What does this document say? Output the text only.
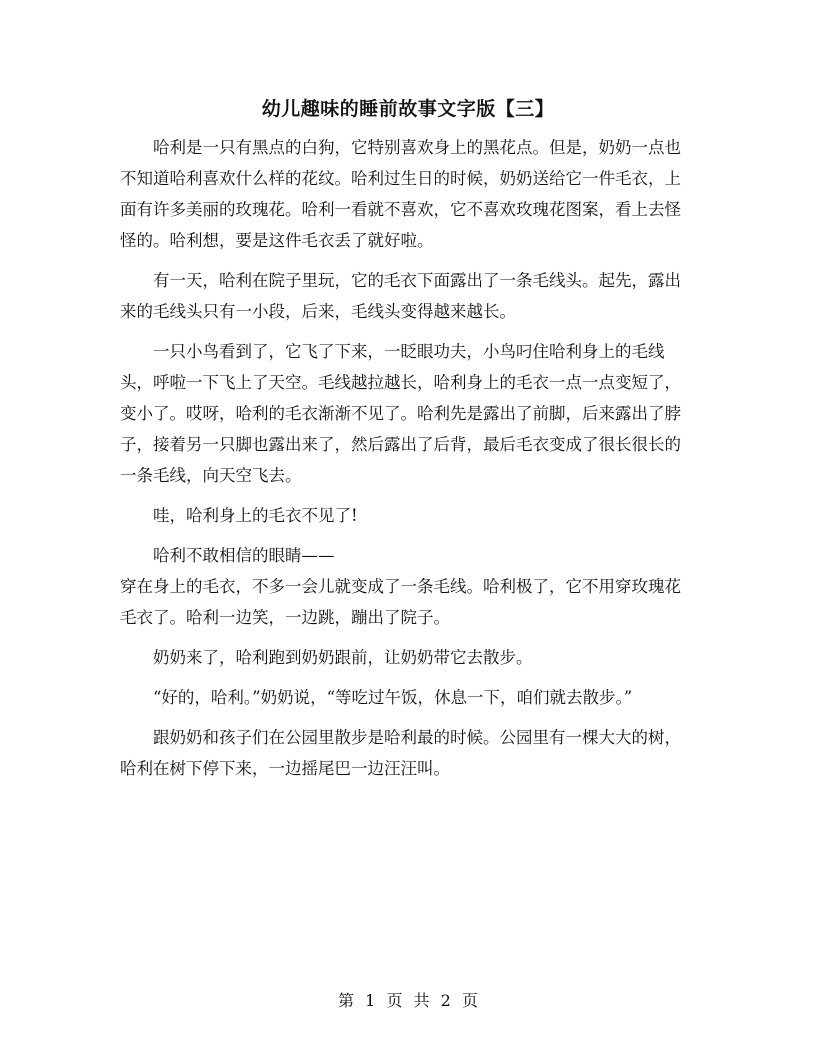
幼儿趣味的睡前故事文字版【三】

哈利是一只有黑点的白狗，它特别喜欢身上的黑花点。但是，奶奶一点也不知道哈利喜欢什么样的花纹。哈利过生日的时候，奶奶送给它一件毛衣，上面有许多美丽的玫瑰花。哈利一看就不喜欢，它不喜欢玫瑰花图案，看上去怪怪的。哈利想，要是这件毛衣丢了就好啦。

有一天，哈利在院子里玩，它的毛衣下面露出了一条毛线头。起先，露出来的毛线头只有一小段，后来，毛线头变得越来越长。

一只小鸟看到了，它飞了下来，一眨眼功夫，小鸟叼住哈利身上的毛线头，呼啦一下飞上了天空。毛线越拉越长，哈利身上的毛衣一点一点变短了，变小了。哎呀，哈利的毛衣渐渐不见了。哈利先是露出了前脚，后来露出了脖子，接着另一只脚也露出来了，然后露出了后背，最后毛衣变成了很长很长的一条毛线，向天空飞去。

哇，哈利身上的毛衣不见了!

哈利不敢相信的眼睛——

穿在身上的毛衣，不多一会儿就变成了一条毛线。哈利极了，它不用穿玫瑰花毛衣了。哈利一边笑，一边跳，蹦出了院子。

奶奶来了，哈利跑到奶奶跟前，让奶奶带它去散步。

“好的，哈利。”奶奶说，“等吃过午饭，休息一下，咱们就去散步。”

跟奶奶和孩子们在公园里散步是哈利最的时候。公园里有一棵大大的树，哈利在树下停下来，一边摇尾巴一边汪汪叫。

第 1 页 共 2 页
